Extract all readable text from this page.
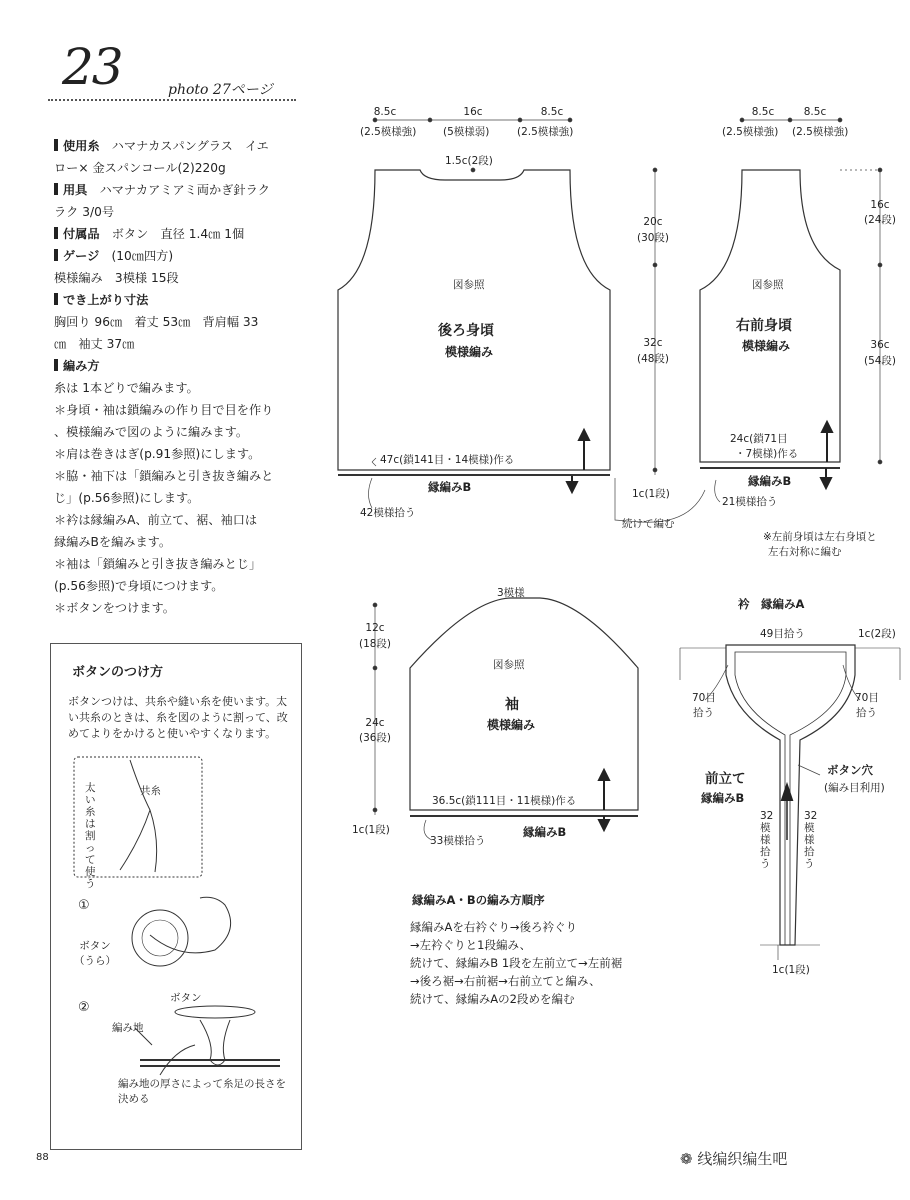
23	photo 27ページ
使用糸　 ハマナカスパングラス　イエ
ロー× 金スパンコール(2)220g
用具　 ハマナカアミアミ両かぎ針ラク
ラク 3/0号
付属品　 ボタン　直径 1.4㎝ 1個
ゲージ　 (10㎝四方)
模様編み　3模様 15段
でき上がり寸法
胸回り 96㎝　着丈 53㎝　背肩幅 33
㎝　袖丈 37㎝
編み方
糸は 1本どりで編みます。
＊身頃・袖は鎖編みの作り目で目を作り
、模様編みで図のように編みます。
＊肩は巻きはぎ(p.91参照)にします。
＊脇・袖下は「鎖編みと引き抜き編みと
じ」(p.56参照)にします。
＊衿は縁編みA、前立て、裾、袖口は
縁編みBを編みます。
＊袖は「鎖編みと引き抜き編みとじ」
(p.56参照)で身頃につけます。
＊ボタンをつけます。
ボタンのつけ方
ボタンつけは、共糸や縫い糸を使います。太い共糸のときは、糸を図のように割って、改めてよりをかけると使いやすくなります。
共糸
太い糸は割って使う
①
ボタン（うら）
②
ボタン
編み地
編み地の厚さによって糸足の長さを決める
8.5c
(2.5模様強)
16c
(5模様弱)
8.5c
(2.5模様強)
1.5c(2段)
図参照
後ろ身頃
模様編み
20c
(30段)
32c
(48段)
47c(鎖141目・14模様)作る
縁編みB
42模様拾う
1c(1段)
続けて編む
8.5c
(2.5模様強)
8.5c
(2.5模様強)
図参照
右前身頃
模様編み
16c
(24段)
36c
(54段)
24c(鎖71目
・7模様)作る
縁編みB
21模様拾う
※左前身頃は左右身頃と
左右対称に編む
3模様
12c
(18段)
24c
(36段)
1c(1段)
図参照
袖
模様編み
36.5c(鎖111目・11模様)作る
33模様拾う
縁編みB
衿　縁編みA
49目拾う	1c(2段)
70目
拾う
70目
拾う
前立て
縁編みB
ボタン穴
(編み目利用)
32模様拾う
32模様拾う
1c(1段)
縁編みA・Bの編み方順序
縁編みAを右衿ぐり→後ろ衿ぐり
→左衿ぐりと1段編み、
続けて、縁編みB 1段を左前立て→左前裾
→後ろ裾→右前裾→右前立てと編み、
続けて、縁編みAの2段めを編む
88	❁ 线编织编生吧
